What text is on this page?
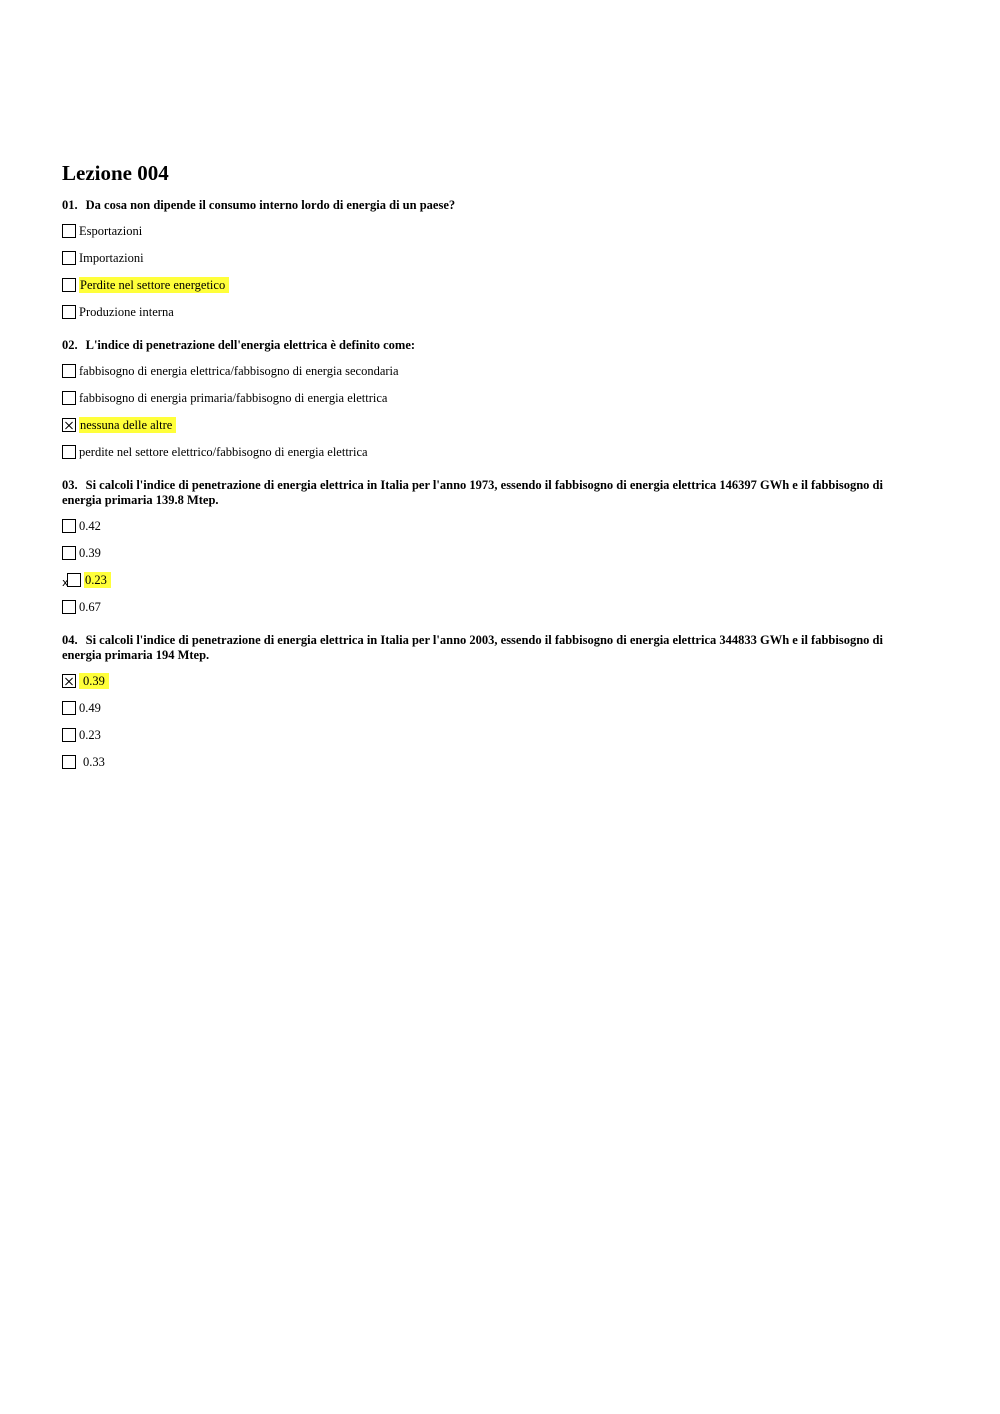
Lezione 004

01. Da cosa non dipende il consumo interno lordo di energia di un paese?

Esportazioni
Importazioni
Perdite nel settore energetico
Produzione interna

02. L'indice di penetrazione dell'energia elettrica è definito come:

fabbisogno di energia elettrica/fabbisogno di energia secondaria
fabbisogno di energia primaria/fabbisogno di energia elettrica
nessuna delle altre
perdite nel settore elettrico/fabbisogno di energia elettrica

03. Si calcoli l'indice di penetrazione di energia elettrica in Italia per l'anno 1973, essendo il fabbisogno di energia elettrica 146397 GWh e il fabbisogno di energia primaria 139.8 Mtep.

0.42
0.39
x 0.23
0.67

04. Si calcoli l'indice di penetrazione di energia elettrica in Italia per l'anno 2003, essendo il fabbisogno di energia elettrica 344833 GWh e il fabbisogno di energia primaria 194 Mtep.

0.39
0.49
0.23
0.33
